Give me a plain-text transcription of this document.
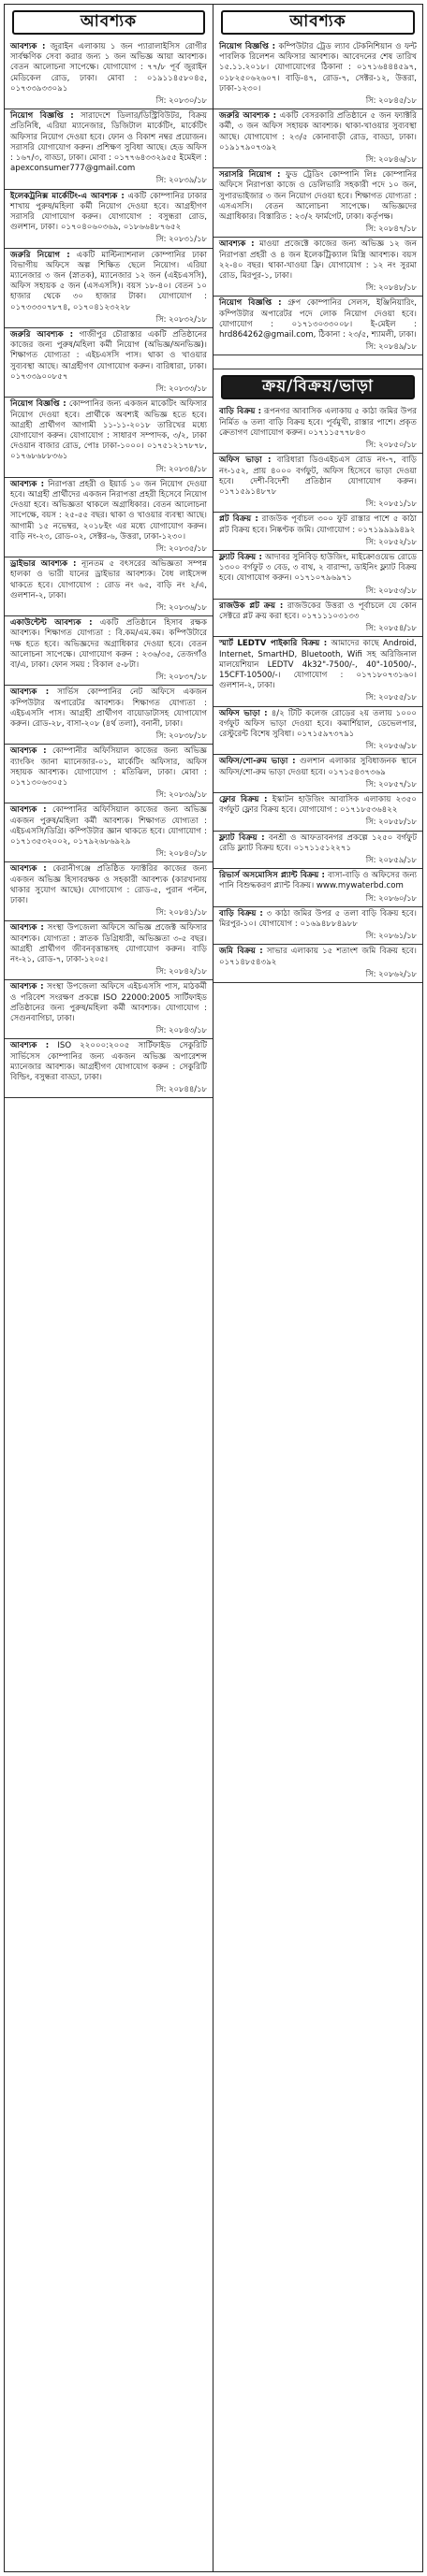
আবশ্যক
আবশ্যক : জুরাইন এলাকায় ১ জন প্যারালাইসিস রোগীর সার্বক্ষণিক সেবা করার জন্য ১ জন অভিজ্ঞ আয়া আবশ্যক। বেতন আলোচনা সাপেক্ষে। যোগাযোগ : ৭৭/৮ পূর্ব জুরাইন মেডিকেল রোড, ঢাকা। মোবা : ০১৯১১৪৫৮০৪৫, ০১৭৩৩৯৩৩০৯১
সি: ২০৮৩০/১৮
নিয়োগ বিজ্ঞপ্তি : সারাদেশে ডিলার/ডিস্ট্রিবিউটর, বিক্রয় প্রতিনিধি, এরিয়া ম্যানেজার, ডিজিটাল মার্কেটিং, মার্কেটিং অফিসার নিয়োগ দেওয়া হবে। ফোন ও বিকাশ নম্বর প্রয়োজন। সরাসরি যোগাযোগ করুন। প্রশিক্ষণ সুবিধা আছে। হেড অফিস : ১৬৭/৩, বাড্ডা, ঢাকা। মোবা : ০১৭৭৬৪৩৩২৯৫৫ ইমেইল : apexconsumer777@gmail.com
সি: ২০৮৩৯/১৮
ইলেকট্রনিক্স মার্কেটিং-এ আবশ্যক : একটি কোম্পানির ঢাকার শাখায় পুরুষ/মহিলা কর্মী নিয়োগ দেওয়া হবে। আগ্রহীগণ সরাসরি যোগাযোগ করুন। যোগাযোগ : বসুন্ধরা রোড, গুলশান, ঢাকা। ০১৭০৪০৬০৩৬৯, ০১৮৬৬৪৮৭৬৫২
সি: ২০৮৩১/১৮
জরুরি নিয়োগ : একটি মাল্টিন্যাশনাল কোম্পানির ঢাকা বিভাগীয় অফিসে অল্প শিক্ষিত ছেলে নিয়োগ। এরিয়া ম্যানেজার ৩ জন (স্নাতক), ম্যানেজার ১২ জন (এইচএসসি), অফিস সহায়ক ৫ জন (এসএসসি)। বয়স ১৮-৪০। বেতন ১০ হাজার থেকে ৩০ হাজার টাকা। যোগাযোগ : ০১৭৩৩৩০৭৮৭৪, ০১৭০৪১২৩২২৮
সি: ২০৮৩২/১৮
জরুরি আবশ্যক : গাজীপুর চৌরাস্তার একটি প্রতিষ্ঠানের কাজের জন্য পুরুষ/মহিলা কর্মী নিয়োগ (অভিজ্ঞ/অনভিজ্ঞ)। শিক্ষাগত যোগ্যতা : এইচএসসি পাস। থাকা ও খাওয়ার সুব্যবস্থা আছে। আগ্রহীগণ যোগাযোগ করুন। বারিধারা, ঢাকা। ০১৭৩৩৯০০৮৫৭
সি: ২০৮৩৩/১৮
নিয়োগ বিজ্ঞপ্তি : কোম্পানির জন্য একজন মাকেটিং অফিসার নিয়োগ দেওয়া হবে। প্রার্থীকে অবশ্যই অভিজ্ঞ হতে হবে। আগ্রহী প্রার্থীগণ আগামী ১১-১১-২০১৮ তারিখের মধ্যে যোগাযোগ করুন। যোগাযোগ : সাধারণ সম্পাদক, ৩/২, ঢাকা দেওয়ান বাজার রোড, পোঃ ঢাকা-১০০০। ০১৭৫১২১৭৮৭৮, ০১৭৬৮৬৮৮৩৬১
সি: ২০৮৩৪/১৮
আবশ্যক : নিরাপত্তা প্রহরী ও ইয়ার্ড ১০ জন নিয়োগ দেওয়া হবে। আগ্রহী প্রার্থীদের একজন নিরাপত্তা প্রহরী হিসেবে নিয়োগ দেওয়া হবে। অভিজ্ঞতা থাকলে অগ্রাধিকার। বেতন আলোচনা সাপেক্ষে, বয়স : ২৫-৫৫ বছর। থাকা ও খাওয়ার ব্যবস্থা আছে। আগামী ১৫ নভেম্বর, ২০১৮ইং এর মধ্যে যোগাযোগ করুন। বাড়ি নং-২৩, রোড-০২, সেক্টর-৬, উত্তরা, ঢাকা-১২৩০।
সি: ২০৮৩৫/১৮
ড্রাইভার আবশ্যক : ন্যূনতম ৫ বৎসরের অভিজ্ঞতা সম্পন্ন হালকা ও ভারী যানের ড্রাইভার আবশ্যক। বৈধ লাইসেন্স থাকতে হবে। যোগাযোগ : রোড নং ৬৫, বাড়ি নং ২/এ, গুলশান-২, ঢাকা।
সি: ২০৮৩৬/১৮
একাউন্টেন্ট আবশ্যক : একটি প্রতিষ্ঠানে হিসাব রক্ষক আবশ্যক। শিক্ষাগত যোগ্যতা : বি.কম/এম.কম। কম্পিউটারে দক্ষ হতে হবে। অভিজ্ঞদের অগ্রাধিকার দেওয়া হবে। বেতন আলোচনা সাপেক্ষে। যোগাযোগ করুন : ২৩৬/৩৫, তেজগাঁও বা/এ, ঢাকা। ফোন সময় : বিকাল ৫-৮টা।
সি: ২০৮৩৭/১৮
আবশ্যক : সার্ভিস কোম্পানির নেট অফিসে একজন কম্পিউটার অপারেটর আবশ্যক। শিক্ষাগত যোগ্যতা : এইচএসসি পাস। আগ্রহী প্রার্থীগণ বায়োডাটাসহ যোগাযোগ করুন। রোড-২৮, বাসা-২০৮ (৪র্থ তলা), বনানী, ঢাকা।
সি: ২০৮৩৮/১৮
আবশ্যক : কোম্পানীর অফিসিয়াল কাজের জন্য অভিজ্ঞ ব্যাংকিং জানা ম্যানেজার-০১, মার্কেটিং অফিসার, অফিস সহায়ক আবশ্যক। যোগাযোগ : মতিঝিল, ঢাকা। মোবা : ০১৭১৩০৬৩০৫১
সি: ২০৮৩৯/১৮
আবশ্যক : কোম্পানির অফিসিয়াল কাজের জন্য অভিজ্ঞ একজন পুরুষ/মহিলা কর্মী আবশ্যক। শিক্ষাগত যোগ্যতা : এইচএসসি/ডিগ্রি। কম্পিউটার জ্ঞান থাকতে হবে। যোগাযোগ : ০১৭১৩৫৩২০০২, ০১৭৯২৬৮৬৯২৯
সি: ২০৮৪০/১৮
আবশ্যক : কেরানীগঞ্জে প্রতিষ্ঠিত ফ্যাক্টরির কাজের জন্য একজন অভিজ্ঞ হিসাবরক্ষক ও সহকারী আবশ্যক (কারখানায় থাকার সুযোগ আছে)। যোগাযোগ : রোড-৫, পুরান পল্টন, ঢাকা।
সি: ২০৮৪১/১৮
আবশ্যক : সংস্থা উপজেলা অফিসে অভিজ্ঞ প্রজেক্ট অফিসার আবশ্যক। যোগ্যতা : স্নাতক ডিগ্রিধারী, অভিজ্ঞতা ৩-৫ বছর। আগ্রহী প্রার্থীগণ জীবনবৃত্তান্তসহ যোগাযোগ করুন। বাড়ি নং-২১, রোড-৭, ঢাকা-১২০৫।
সি: ২০৮৪২/১৮
আবশ্যক : সংস্থা উপজেলা অফিসে এইচএসসি পাস, মাঠকর্মী ও পরিবেশ সংরক্ষণ প্রকল্পে ISO 22000:2005 সার্টিফাইড প্রতিষ্ঠানের জন্য পুরুষ/মহিলা কর্মী আবশ্যক। যোগাযোগ : সেগুনবাগিচা, ঢাকা।
সি: ২০৮৪৩/১৮
আবশ্যক : ISO ২২০০০:২০০৫ সার্টিফাইড সেকুরিটি সার্ভিসেস কোম্পানির জন্য একজন অভিজ্ঞ অপারেশন্স ম্যানেজার আবশ্যক। আগ্রহীগণ যোগাযোগ করুন : সেকুরিটি বিল্ডিং, বসুন্ধরা বাড্ডা, ঢাকা।
সি: ২০৮৪৪/১৮
আবশ্যক
নিয়োগ বিজ্ঞপ্তি : কম্পিউটার ট্রেড ল্যাব টেকনিশিয়ান ও ফন্ট পাবলিক রিলেশন অফিসার আবশ্যক। আবেদনের শেষ তারিখ ১৫.১১.২০১৮। যোগাযোগের ঠিকানা : ০১৭১৬৪৪৪৫৯৭, ০১৮২৫০৬২৬০৭। বাড়ি-৪৭, রোড-৭, সেক্টর-১২, উত্তরা, ঢাকা-১২৩০।
সি: ২০৮৪৫/১৮
জরুরি আবশ্যক : একটি বেসরকারি প্রতিষ্ঠানে ৫ জন ফ্যাক্টরি কর্মী, ৩ জন অফিস সহায়ক আবশ্যক। থাকা-খাওয়ার সুব্যবস্থা আছে। যোগাযোগ : ২৩/৫ কোনাবাড়ী রোড, বাড্ডা, ঢাকা। ০১৯১৭৯০৭৩৯২
সি: ২০৮৪৬/১৮
সরাসরি নিয়োগ : ফুড ট্রেডিং কোম্পানি লিঃ কোম্পানির অফিসে নিরাপত্তা কাজে ও ডেলিভারি সহকারী পদে ১০ জন, সুপারভাইজার ৩ জন নিয়োগ দেওয়া হবে। শিক্ষাগত যোগ্যতা : এসএসসি। বেতন আলোচনা সাপেক্ষে। অভিজ্ঞদের অগ্রাধিকার। বিস্তারিত : ২৩/২ ফার্মগেট, ঢাকা। কর্তৃপক্ষ।
সি: ২০৮৪৭/১৮
আবশ্যক : মাওয়া প্রজেক্টে কাজের জন্য অভিজ্ঞ ১২ জন নিরাপত্তা প্রহরী ও ৪ জন ইলেকট্রিক্যাল মিস্ত্রি আবশ্যক। বয়স ২২-৪০ বছর। থাকা-খাওয়া ফ্রি। যোগাযোগ : ১২ নং সুরমা রোড, মিরপুর-১, ঢাকা।
সি: ২০৮৪৮/১৮
নিয়োগ বিজ্ঞপ্তি : গ্রুপ কোম্পানির সেলস, ইঞ্জিনিয়ারিং, কম্পিউটার অপারেটর পদে লোক নিয়োগ দেওয়া হবে। যোগাযোগ : ০১৭১৩০৩৩০০৮। ই-মেইল : hrd864262@gmail.com, ঠিকানা : ২৩/৫, শ্যামলী, ঢাকা।
সি: ২০৮৪৯/১৮
ক্রয়/বিক্রয়/ভাড়া
বাড়ি বিক্রয় : রূপনগর আবাসিক এলাকায় ৫ কাঠা জমির উপর নির্মিত ৬ তলা বাড়ি বিক্রয় হবে। পূর্বমুখী, রাস্তার পাশে। প্রকৃত ক্রেতাগণ যোগাযোগ করুন। ০১৭১১৫৭৭৮৪৩
সি: ২০৮৫০/১৮
অফিস ভাড়া : বারিধারা ডিওএইচএস রোড নং-৭, বাড়ি নং-১৫২, প্রায় ৪০০০ বর্গফুট, অফিস হিসেবে ভাড়া দেওয়া হবে। দেশী-বিদেশী প্রতিষ্ঠান যোগাযোগ করুন। ০১৭১৫৯১৪৮৭৮
সি: ২০৮৫১/১৮
প্লট বিক্রয় : রাজউক পূর্বাচল ৩০০ ফুট রাস্তার পাশে ৫ কাঠা প্লট বিক্রয় হবে। নিষ্কণ্টক জমি। যোগাযোগ : ০১৭১৯৯৯৯৪৯২
সি: ২০৮৫২/১৮
ফ্ল্যাট বিক্রয় : আদাবর সুনিবিড় হাউজিং, মাইক্রোওয়েভ রোডে ১৩০০ বর্গফুট ৩ বেড, ৩ বাথ, ২ বারান্দা, ডাইনিং ফ্ল্যাট বিক্রয় হবে। যোগাযোগ করুন। ০১৭১০৭৯৬৯৭১
সি: ২০৮৫৩/১৮
রাজউক প্লট ক্রয় : রাজউকের উত্তরা ও পূর্বাচলে যে কোন সেক্টরে প্লট ক্রয় করা হবে। ০১৭১১১০৩১৩৩
সি: ২০৮৫৪/১৮
স্মার্ট LEDTV পাইকারি বিক্রয় : আমাদের কাছে Android, Internet, SmartHD, Bluetooth, Wifi সহ অরিজিনাল মালয়েশিয়ান LEDTV 4k32"-7500/-, 40"-10500/-, 15CFT-10500/-। যোগাযোগ : ০১৭১৮০৭৩১৬০। গুলশান-২, ঢাকা।
সি: ২০৮৫৫/১৮
অফিস ভাড়া : ৪/২ টিটি কলেজ রোডের ২য় তলায় ১০০০ বর্গফুট অফিস ভাড়া দেওয়া হবে। কমার্শিয়াল, ডেভেলপার, রেস্টুরেন্ট বিশেষ সুবিধা। ০১৭১৫৯৭৩৭৯১
সি: ২০৮৫৬/১৮
অফিস/শো-রুম ভাড়া : গুলশান এলাকার সুবিধাজনক স্থানে অফিস/শো-রুম ভাড়া দেওয়া হবে। ০১৭১৫৪৩৭৩৬৯
সি: ২০৮৫৭/১৮
ফ্লোর বিক্রয় : ইস্কাটন হাউজিং আবাসিক এলাকায় ২৩৫০ বর্গফুট ফ্লোর বিক্রয় হবে। যোগাযোগ : ০১৭১৮৫৩৬৪২২
সি: ২০৮৫৮/১৮
ফ্ল্যাট বিক্রয় : বনশ্রী ও আফতাবনগর প্রকল্পে ১২৫০ বর্গফুট রেডি ফ্ল্যাট বিক্রয় হবে। ০১৭১১৫১২২৭১
সি: ২০৮৫৯/১৮
রিভার্স অসমোসিস প্ল্যান্ট বিক্রয় : বাসা-বাড়ি ও অফিসের জন্য পানি বিশুদ্ধকরণ প্ল্যান্ট বিক্রয়। www.mywaterbd.com
সি: ২০৮৬০/১৮
বাড়ি বিক্রয় : ৩ কাঠা জমির উপর ৫ তলা বাড়ি বিক্রয় হবে। মিরপুর-১০। যোগাযোগ : ০১৬৯৪৮৮৪৯৮৮
সি: ২০৮৬১/১৮
জমি বিক্রয় : সাভার এলাকায় ১৫ শতাংশ জমি বিক্রয় হবে। ০১৭১৪৮৫৪৩৯২
সি: ২০৮৬২/১৮
